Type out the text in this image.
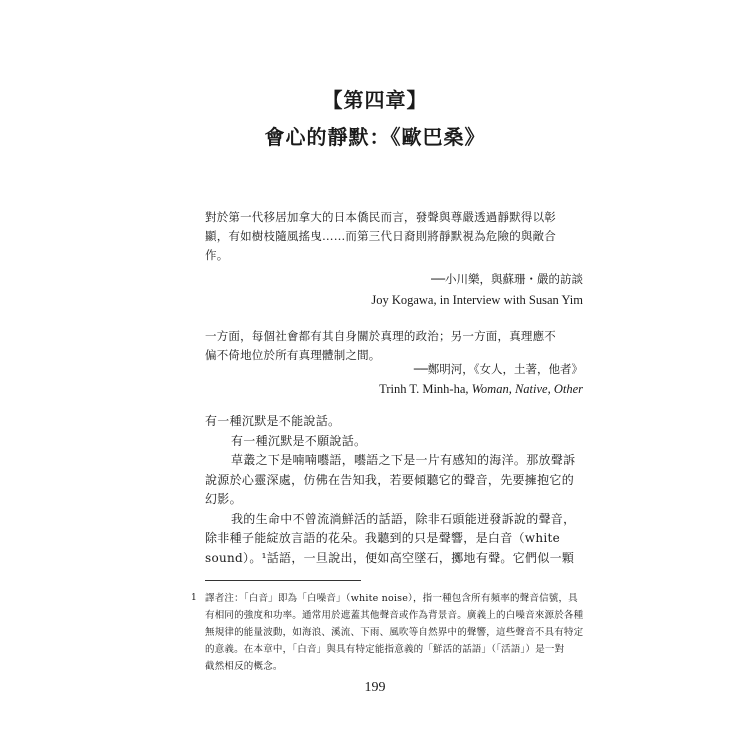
【第四章】
會心的靜默：《歐巴桑》
對於第一代移居加拿大的日本僑民而言，發聲與尊嚴透過靜默得以彰
顯，有如樹枝隨風搖曳……而第三代日裔則將靜默視為危險的與敵合
作。
──小川樂，與蘇珊・嚴的訪談
Joy Kogawa, in Interview with Susan Yim
一方面，每個社會都有其自身關於真理的政治；另一方面，真理應不
偏不倚地位於所有真理體制之間。
──鄭明河，《女人，土著，他者》
Trinh T. Minh-ha, Woman, Native, Other
有一種沉默是不能說話。
有一種沉默是不願說話。
草叢之下是喃喃囈語，囈語之下是一片有感知的海洋。那放聲訴
說源於心靈深處，仿佛在告知我，若要傾聽它的聲音，先要擁抱它的
幻影。
我的生命中不曾流淌鮮活的話語，除非石頭能迸發訴說的聲音，
除非種子能綻放言語的花朵。我聽到的只是聲響，是白音（white
sound）。¹話語，一旦說出，便如高空墜石，擲地有聲。它們似一顆
1 譯者注：「白音」即為「白噪音」（white noise），指一種包含所有頻率的聲音信號，具
有相同的強度和功率。通常用於遮蓋其他聲音或作為背景音。廣義上的白噪音來源於各種
無規律的能量波動，如海浪、溪流、下雨、風吹等自然界中的聲響，這些聲音不具有特定
的意義。在本章中，「白音」與具有特定能指意義的「鮮活的話語」（「活語」）是一對
截然相反的概念。
199
